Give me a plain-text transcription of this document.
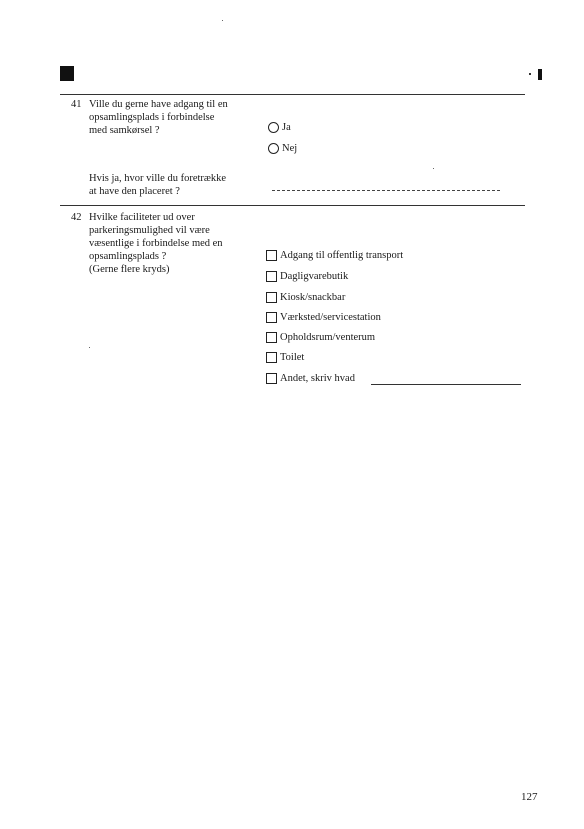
41 Ville du gerne have adgang til en
opsamlingsplads i forbindelse
med samkørsel ?	Ja
Nej
Hvis ja, hvor ville du foretrække
at have den placeret ?
42 Hvilke faciliteter ud over
parkeringsmulighed vil være
væsentlige i forbindelse med en
opsamlingsplads ?
(Gerne flere kryds)
Adgang til offentlig transport
Dagligvarebutik
Kiosk/snackbar
Værksted/servicestation
Opholdsrum/venterum
Toilet
Andet, skriv hvad
127
